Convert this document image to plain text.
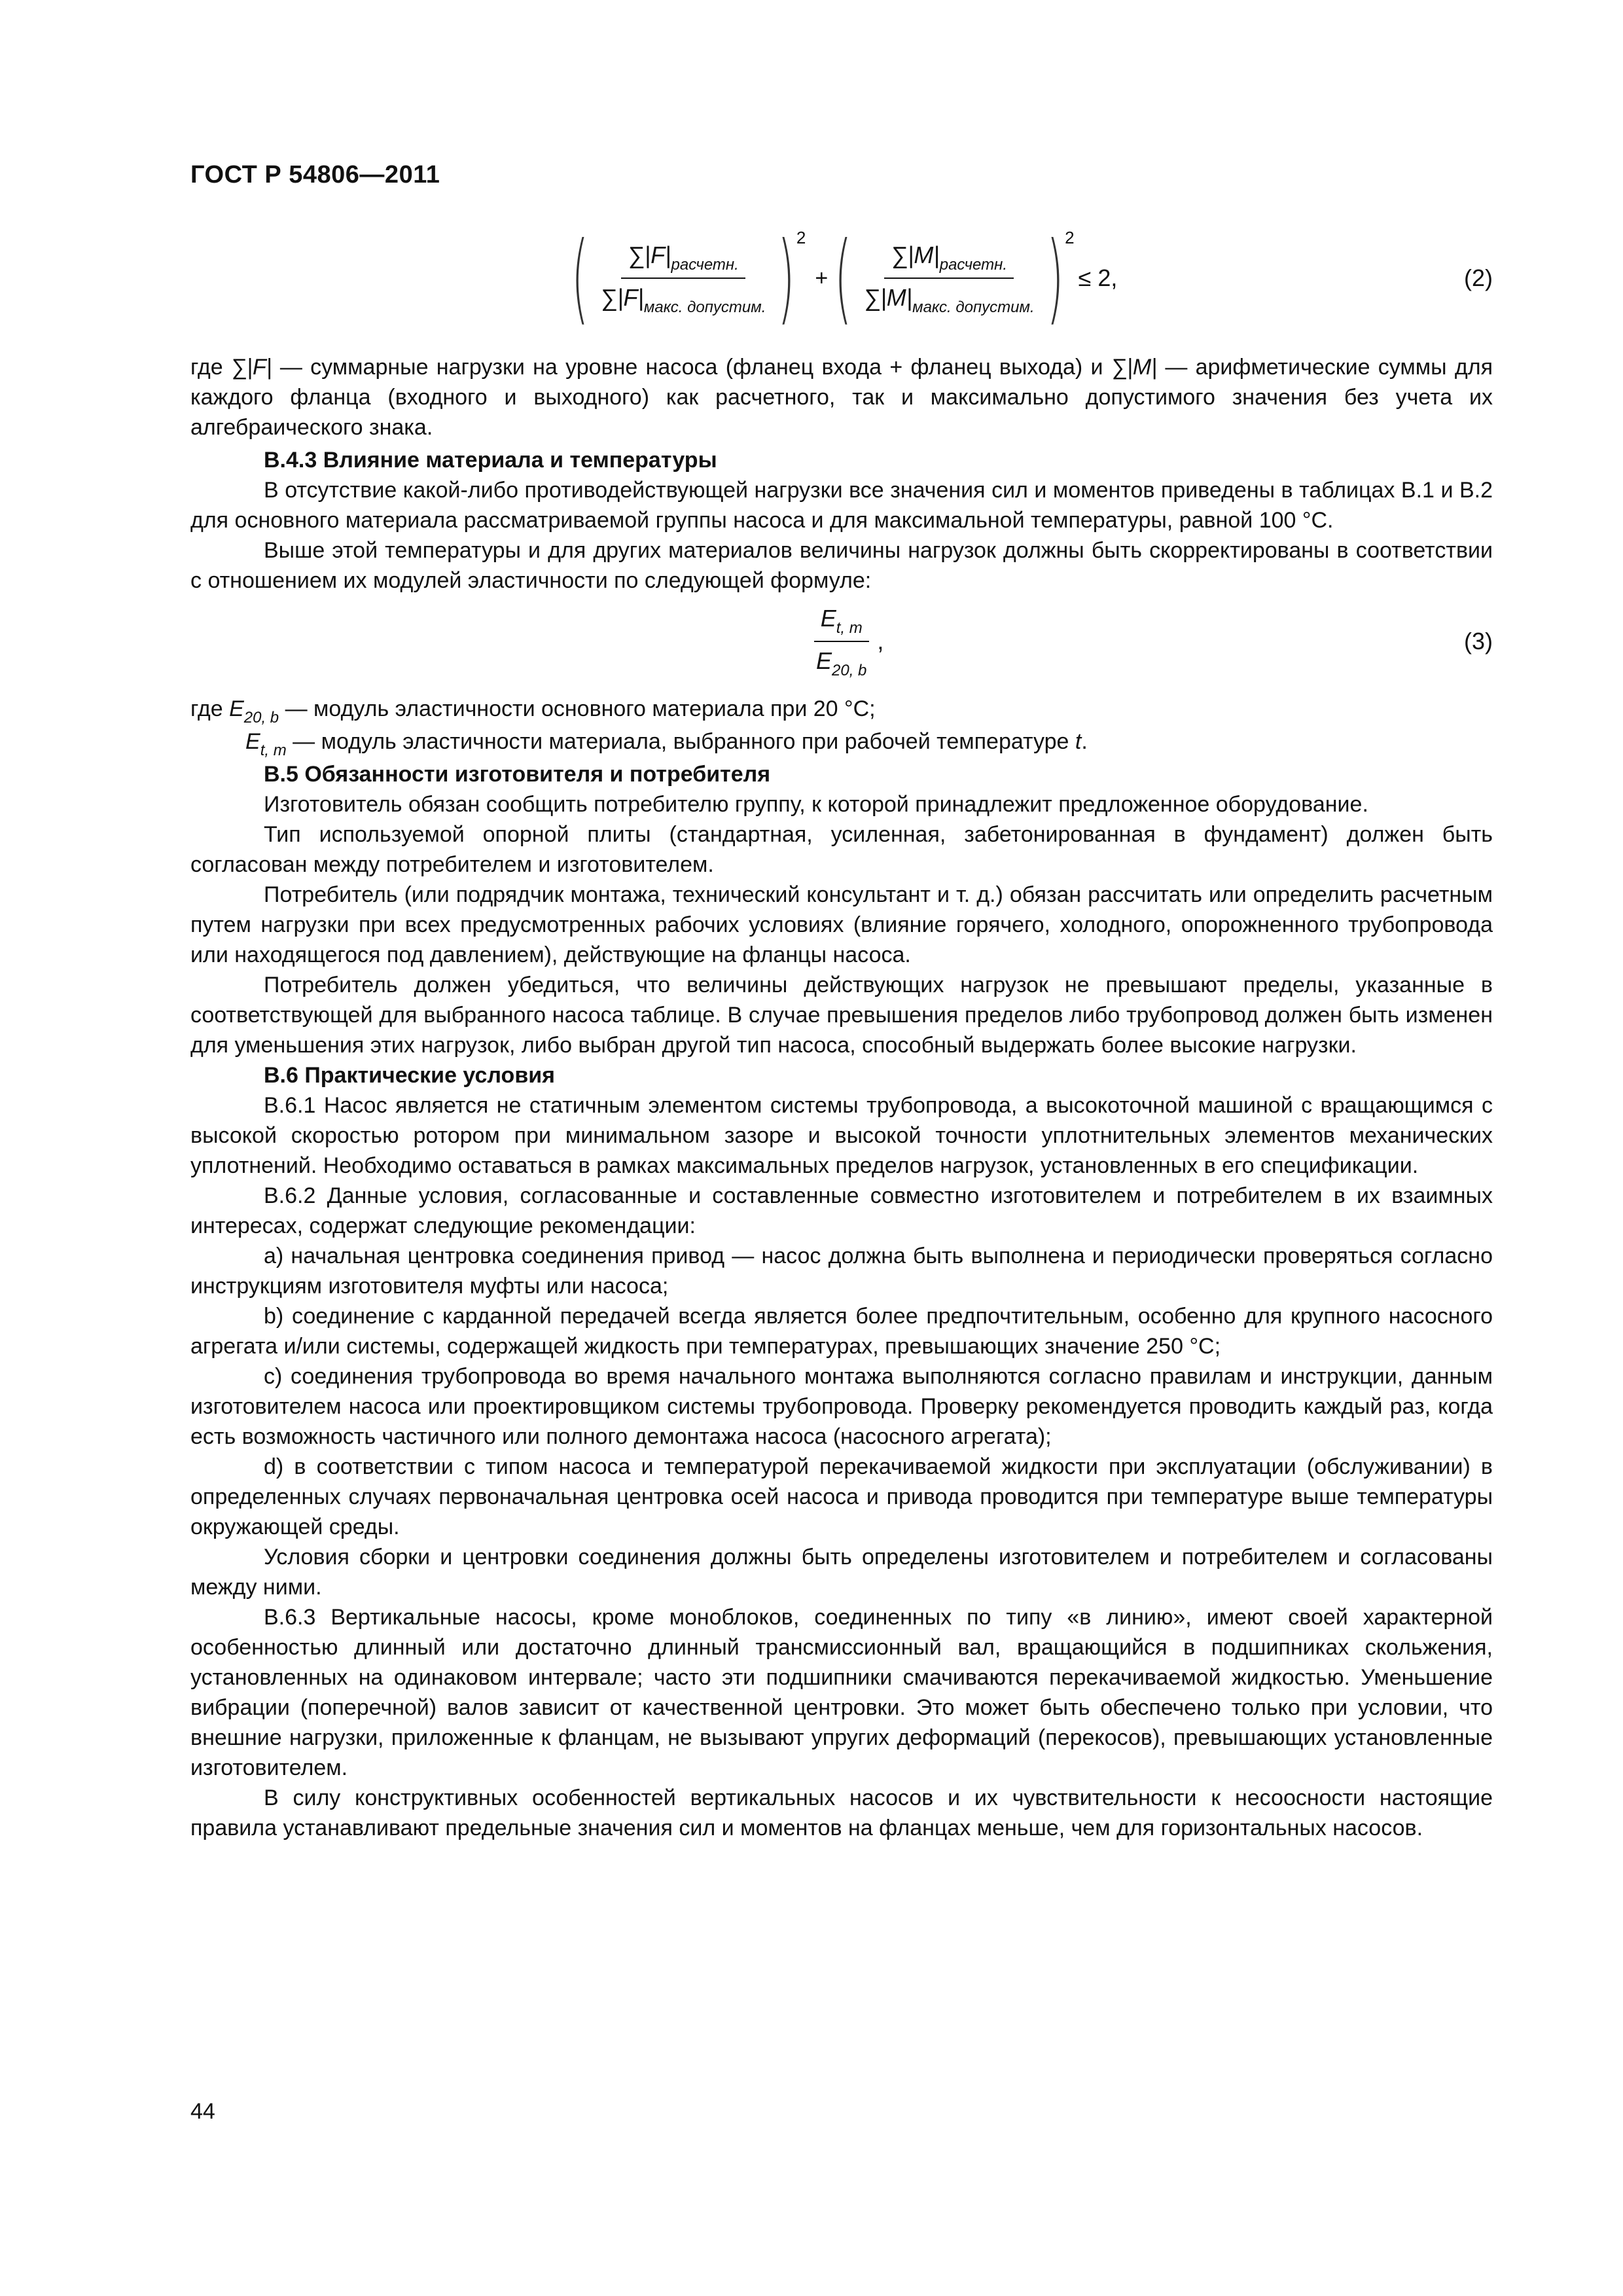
ГОСТ Р 54806—2011
( $\frac{\sum|F|_{расчетн.}}{\sum|F|_{макс. допустим.}}$ ) 2
+ ( $\frac{\sum|M|_{расчетн.}}{\sum|M|_{макс. допустим.}}$ ) 2
≤ 2,	(2)

где ∑|F| — суммарные нагрузки на уровне насоса (фланец входа + фланец выхода) и ∑|M| — арифметические суммы для каждого фланца (входного и выходного) как расчетного, так и максимально допустимого значения без учета их алгебраического знака.

В.4.3 Влияние материала и температуры

В отсутствие какой-либо противодействующей нагрузки все значения сил и моментов приведены в таблицах В.1 и В.2 для основного материала рассматриваемой группы насоса и для максимальной температуры, равной 100 °С.

Выше этой температуры и для других материалов величины нагрузок должны быть скорректированы в соответствии с отношением их модулей эластичности по следующей формуле:

$\frac{E_{t, m}}{E_{20, b}}$ ,	(3)

где $E_{20, b}$ — модуль эластичности основного материала при 20 °С;

$E_{t, m}$ — модуль эластичности материала, выбранного при рабочей температуре t.

В.5 Обязанности изготовителя и потребителя

Изготовитель обязан сообщить потребителю группу, к которой принадлежит предложенное оборудование.

Тип используемой опорной плиты (стандартная, усиленная, забетонированная в фундамент) должен быть согласован между потребителем и изготовителем.

Потребитель (или подрядчик монтажа, технический консультант и т. д.) обязан рассчитать или определить расчетным путем нагрузки при всех предусмотренных рабочих условиях (влияние горячего, холодного, опорожненного трубопровода или находящегося под давлением), действующие на фланцы насоса.

Потребитель должен убедиться, что величины действующих нагрузок не превышают пределы, указанные в соответствующей для выбранного насоса таблице. В случае превышения пределов либо трубопровод должен быть изменен для уменьшения этих нагрузок, либо выбран другой тип насоса, способный выдержать более высокие нагрузки.

В.6 Практические условия

В.6.1 Насос является не статичным элементом системы трубопровода, а высокоточной машиной с вращающимся с высокой скоростью ротором при минимальном зазоре и высокой точности уплотнительных элементов механических уплотнений. Необходимо оставаться в рамках максимальных пределов нагрузок, установленных в его спецификации.

В.6.2 Данные условия, согласованные и составленные совместно изготовителем и потребителем в их взаимных интересах, содержат следующие рекомендации:

а) начальная центровка соединения привод — насос должна быть выполнена и периодически проверяться согласно инструкциям изготовителя муфты или насоса;

b) соединение с карданной передачей всегда является более предпочтительным, особенно для крупного насосного агрегата и/или системы, содержащей жидкость при температурах, превышающих значение 250 °С;

c) соединения трубопровода во время начального монтажа выполняются согласно правилам и инструкции, данным изготовителем насоса или проектировщиком системы трубопровода. Проверку рекомендуется проводить каждый раз, когда есть возможность частичного или полного демонтажа насоса (насосного агрегата);

d) в соответствии с типом насоса и температурой перекачиваемой жидкости при эксплуатации (обслуживании) в определенных случаях первоначальная центровка осей насоса и привода проводится при температуре выше температуры окружающей среды.

Условия сборки и центровки соединения должны быть определены изготовителем и потребителем и согласованы между ними.

В.6.3 Вертикальные насосы, кроме моноблоков, соединенных по типу «в линию», имеют своей характерной особенностью длинный или достаточно длинный трансмиссионный вал, вращающийся в подшипниках скольжения, установленных на одинаковом интервале; часто эти подшипники смачиваются перекачиваемой жидкостью. Уменьшение вибрации (поперечной) валов зависит от качественной центровки. Это может быть обеспечено только при условии, что внешние нагрузки, приложенные к фланцам, не вызывают упругих деформаций (перекосов), превышающих установленные изготовителем.

В силу конструктивных особенностей вертикальных насосов и их чувствительности к несоосности настоящие правила устанавливают предельные значения сил и моментов на фланцах меньше, чем для горизонтальных насосов.

44
